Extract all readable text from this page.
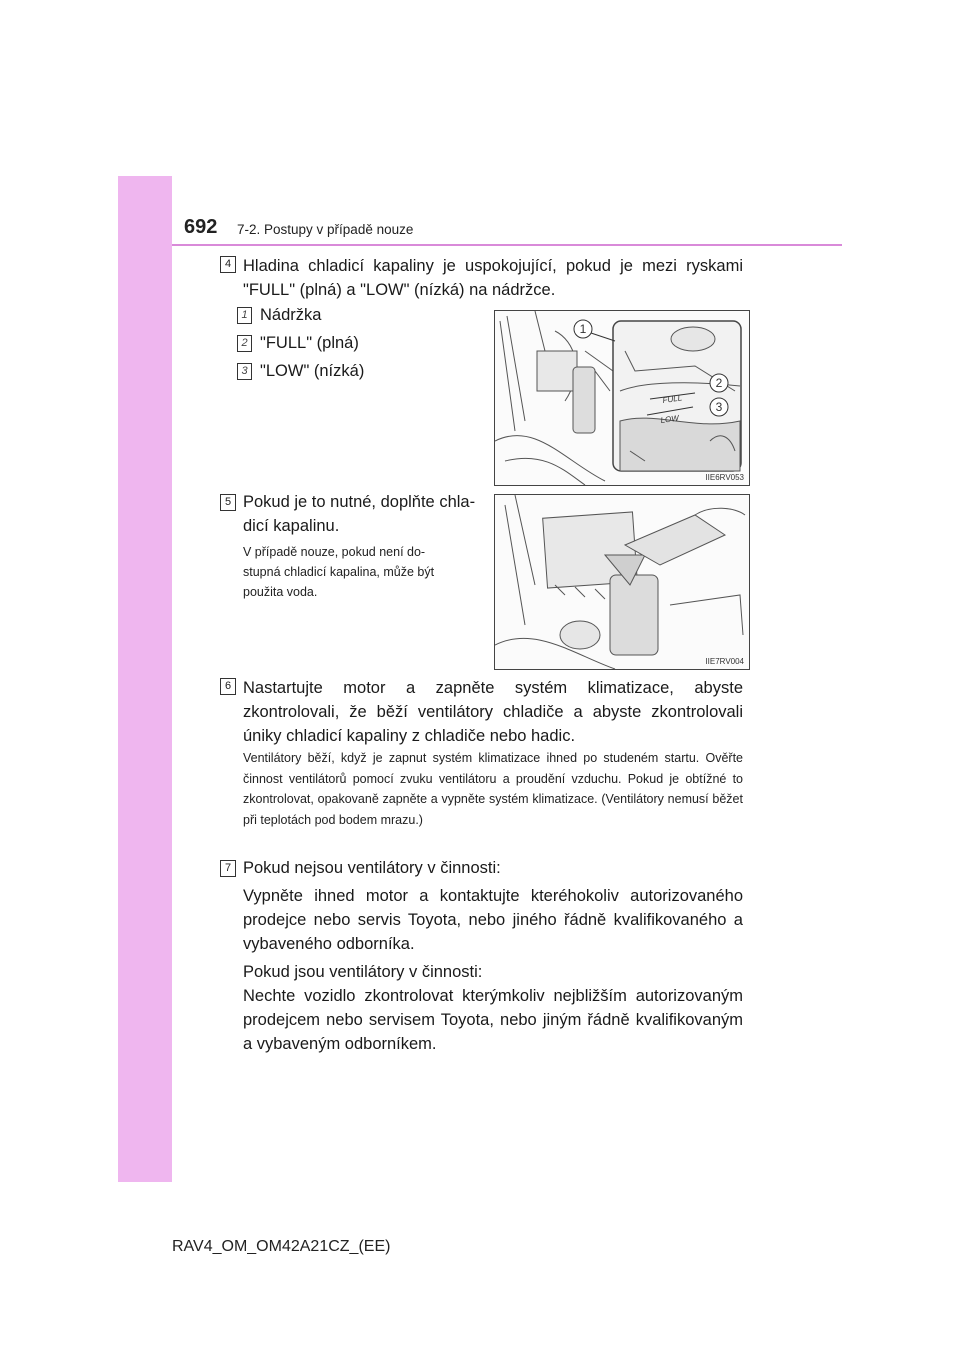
692 7-2. Postupy v případě nouze
4 Hladina chladicí kapaliny je uspokojující, pokud je mezi ryskami "FULL" (plná) a "LOW" (nízká) na nádržce.
1 Nádržka
2 "FULL" (plná)
3 "LOW" (nízká)
FULL
LOW
1
2
3
IIE6RV053
5 Pokud je to nutné, doplňte chla-
dicí kapalinu.
V případě nouze, pokud není do-
stupná chladicí kapalina, může být
použita voda.
IIE7RV004
6 Nastartujte motor a zapněte systém klimatizace, abyste zkontrolovali, že běží ventilátory chladiče a abyste zkontrolovali úniky chladicí kapaliny z chladiče nebo hadic.
Ventilátory běží, když je zapnut systém klimatizace ihned po studeném startu. Ověřte činnost ventilátorů pomocí zvuku ventilátoru a proudění vzduchu. Pokud je obtížné to zkontrolovat, opakovaně zapněte a vypněte systém klimatizace. (Ventilátory nemusí běžet při teplotách pod bodem mrazu.)
7 Pokud nejsou ventilátory v činnosti:
Vypněte ihned motor a kontaktujte kteréhokoliv autorizovaného prodejce nebo servis Toyota, nebo jiného řádně kvalifikovaného a vybaveného odborníka.
Pokud jsou ventilátory v činnosti:
Nechte vozidlo zkontrolovat kterýmkoliv nejbližším autorizovaným prodejcem nebo servisem Toyota, nebo jiným řádně kvalifikovaným a vybaveným odborníkem.
RAV4_OM_OM42A21CZ_(EE)
